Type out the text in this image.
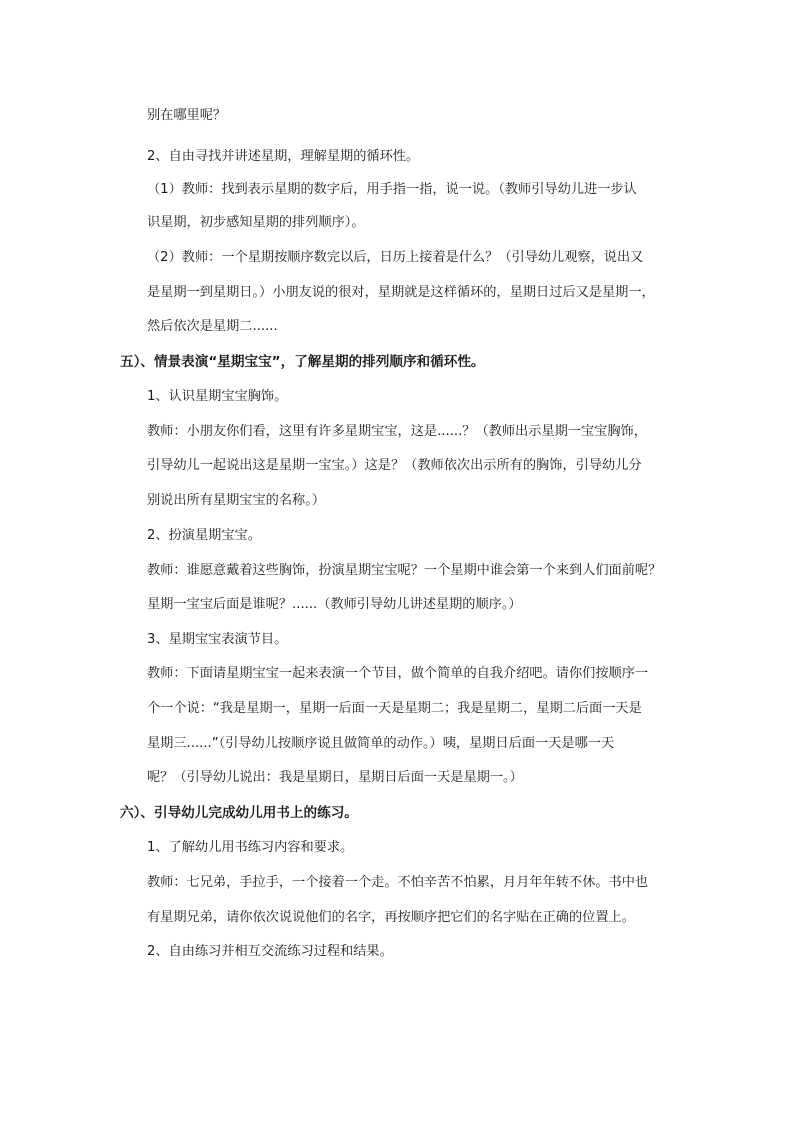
别在哪里呢？
2、自由寻找并讲述星期，理解星期的循环性。
（1）教师：找到表示星期的数字后，用手指一指，说一说。（教师引导幼儿进一步认
识星期，初步感知星期的排列顺序）。
（2）教师：一个星期按顺序数完以后，日历上接着是什么？（引导幼儿观察，说出又
是星期一到星期日。）小朋友说的很对，星期就是这样循环的，星期日过后又是星期一，
然后依次是星期二......
五）、情景表演“星期宝宝”，了解星期的排列顺序和循环性。
1、认识星期宝宝胸饰。
教师：小朋友你们看，这里有许多星期宝宝，这是......？（教师出示星期一宝宝胸饰，
引导幼儿一起说出这是星期一宝宝。）这是？（教师依次出示所有的胸饰，引导幼儿分
别说出所有星期宝宝的名称。）
2、扮演星期宝宝。
教师：谁愿意戴着这些胸饰，扮演星期宝宝呢？一个星期中谁会第一个来到人们面前呢？
星期一宝宝后面是谁呢？......（教师引导幼儿讲述星期的顺序。）
3、星期宝宝表演节目。
教师：下面请星期宝宝一起来表演一个节目，做个简单的自我介绍吧。请你们按顺序一
个一个说：“我是星期一，星期一后面一天是星期二；我是星期二，星期二后面一天是
星期三......”（引导幼儿按顺序说且做简单的动作。）咦，星期日后面一天是哪一天
呢？（引导幼儿说出：我是星期日，星期日后面一天是星期一。）
六）、引导幼儿完成幼儿用书上的练习。
1、了解幼儿用书练习内容和要求。
教师：七兄弟，手拉手，一个接着一个走。不怕辛苦不怕累，月月年年转不休。书中也
有星期兄弟，请你依次说说他们的名字，再按顺序把它们的名字贴在正确的位置上。
2、自由练习并相互交流练习过程和结果。
